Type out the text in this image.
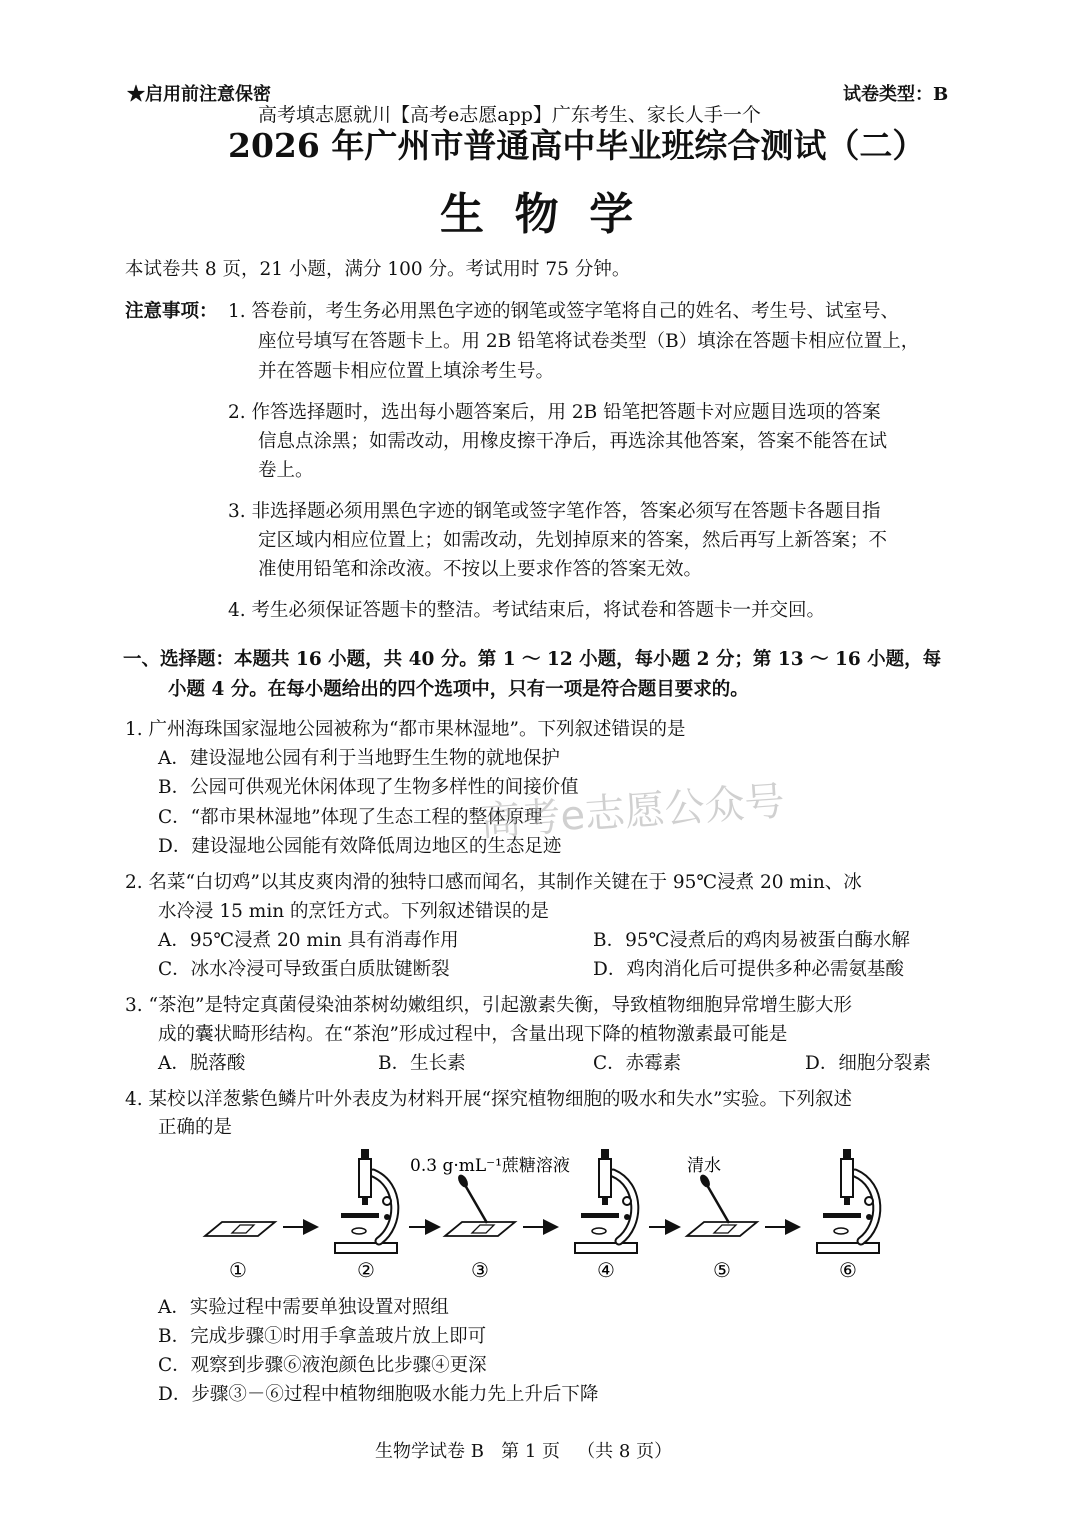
★启用前注意保密	试卷类型：B
高考填志愿就川【高考e志愿app】广东考生、家长人手一个
2026 年广州市普通高中毕业班综合测试（二）
生  物  学
本试卷共 8 页，21 小题，满分 100 分。考试用时 75 分钟。
注意事项： 1. 答卷前，考生务必用黑色字迹的钢笔或签字笔将自己的姓名、考生号、试室号、
座位号填写在答题卡上。用 2B 铅笔将试卷类型（B）填涂在答题卡相应位置上，
并在答题卡相应位置上填涂考生号。
2. 作答选择题时，选出每小题答案后，用 2B 铅笔把答题卡对应题目选项的答案
信息点涂黑；如需改动，用橡皮擦干净后，再选涂其他答案，答案不能答在试
卷上。
3. 非选择题必须用黑色字迹的钢笔或签字笔作答，答案必须写在答题卡各题目指
定区域内相应位置上；如需改动，先划掉原来的答案，然后再写上新答案；不
准使用铅笔和涂改液。不按以上要求作答的答案无效。
4. 考生必须保证答题卡的整洁。考试结束后，将试卷和答题卡一并交回。
一、选择题：本题共 16 小题，共 40 分。第 1 ～ 12 小题，每小题 2 分；第 13 ～ 16 小题，每
小题 4 分。在每小题给出的四个选项中，只有一项是符合题目要求的。
1. 广州海珠国家湿地公园被称为“都市果林湿地”。下列叙述错误的是
A．建设湿地公园有利于当地野生生物的就地保护
B．公园可供观光休闲体现了生物多样性的间接价值
C．“都市果林湿地”体现了生态工程的整体原理
D．建设湿地公园能有效降低周边地区的生态足迹
2. 名菜“白切鸡”以其皮爽肉滑的独特口感而闻名，其制作关键在于 95℃浸煮 20 min、冰
水冷浸 15 min 的烹饪方式。下列叙述错误的是
A．95℃浸煮 20 min 具有消毒作用	B．95℃浸煮后的鸡肉易被蛋白酶水解
C．冰水冷浸可导致蛋白质肽键断裂	D．鸡肉消化后可提供多种必需氨基酸
3. “茶泡”是特定真菌侵染油茶树幼嫩组织，引起激素失衡，导致植物细胞异常增生膨大形
成的囊状畸形结构。在“茶泡”形成过程中，含量出现下降的植物激素最可能是
A．脱落酸	B．生长素	C．赤霉素	D．细胞分裂素
4. 某校以洋葱紫色鳞片叶外表皮为材料开展“探究植物细胞的吸水和失水”实验。下列叙述
正确的是
0.3 g·mL⁻¹蔗糖溶液	清水
①	②	③	④	⑤	⑥
A．实验过程中需要单独设置对照组
B．完成步骤①时用手拿盖玻片放上即可
C．观察到步骤⑥液泡颜色比步骤④更深
D．步骤③－⑥过程中植物细胞吸水能力先上升后下降
生物学试卷 B   第 1 页   （共 8 页）
高考e志愿公众号
